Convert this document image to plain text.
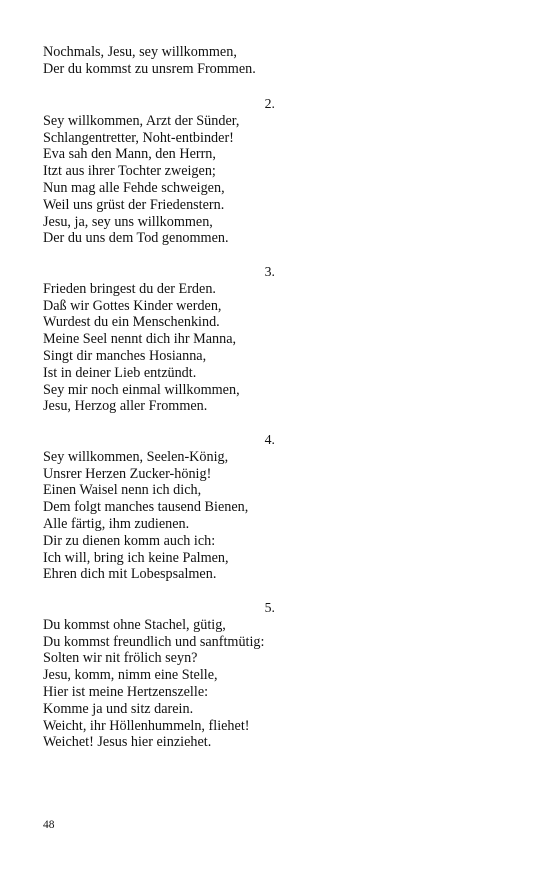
Nochmals, Jesu, sey willkommen,
Der du kommst zu unsrem Frommen.
2.
Sey willkommen, Arzt der Sünder,
Schlangentretter, Noht-entbinder!
Eva sah den Mann, den Herrn,
Itzt aus ihrer Tochter zweigen;
Nun mag alle Fehde schweigen,
Weil uns grüst der Friedenstern.
Jesu, ja, sey uns willkommen,
Der du uns dem Tod genommen.
3.
Frieden bringest du der Erden.
Daß wir Gottes Kinder werden,
Wurdest du ein Menschenkind.
Meine Seel nennt dich ihr Manna,
Singt dir manches Hosianna,
Ist in deiner Lieb entzündt.
Sey mir noch einmal willkommen,
Jesu, Herzog aller Frommen.
4.
Sey willkommen, Seelen-König,
Unsrer Herzen Zucker-hönig!
Einen Waisel nenn ich dich,
Dem folgt manches tausend Bienen,
Alle färtig, ihm zudienen.
Dir zu dienen komm auch ich:
Ich will, bring ich keine Palmen,
Ehren dich mit Lobespsalmen.
5.
Du kommst ohne Stachel, gütig,
Du kommst freundlich und sanftmütig:
Solten wir nit frölich seyn?
Jesu, komm, nimm eine Stelle,
Hier ist meine Hertzenszelle:
Komme ja und sitz darein.
Weicht, ihr Höllenhummeln, fliehet!
Weichet! Jesus hier einziehet.
48
